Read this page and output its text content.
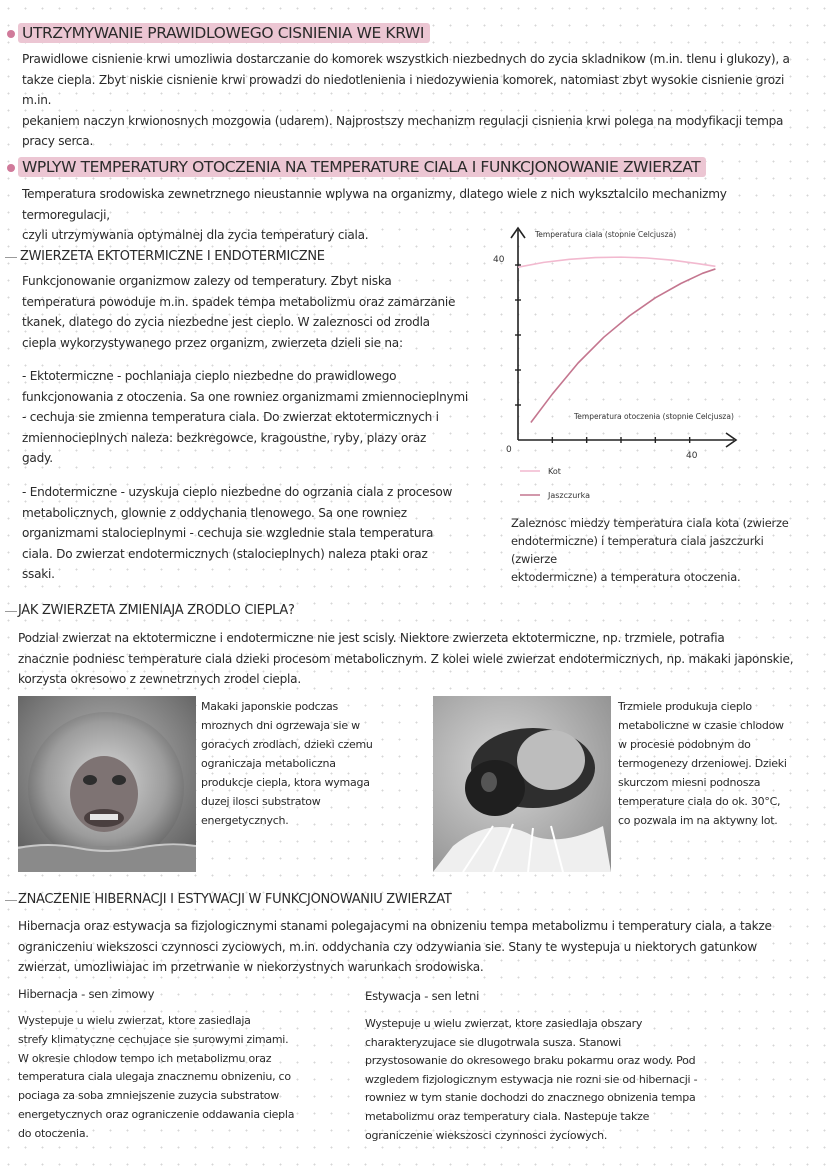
UTRZYMYWANIE PRAWIDLOWEGO CISNIENIA WE KRWI
Prawidlowe cisnienie krwi umozliwia dostarczanie do komorek wszystkich niezbednych do zycia skladnikow (m.in. tlenu i glukozy), a
takze ciepla. Zbyt niskie cisnienie krwi prowadzi do niedotlenienia i niedozywienia komorek, natomiast zbyt wysokie cisnienie grozi m.in.
pekaniem naczyn krwionosnych mozgowia (udarem). Najprostszy mechanizm regulacji cisnienia krwi polega na modyfikacji tempa
pracy serca.
WPLYW TEMPERATURY OTOCZENIA NA TEMPERATURE CIALA I FUNKCJONOWANIE ZWIERZAT
Temperatura srodowiska zewnetrznego nieustannie wplywa na organizmy, dlatego wiele z nich wyksztalcilo mechanizmy termoregulacji,
czyli utrzymywania optymalnej dla zycia temperatury ciala.
ZWIERZETA EKTOTERMICZNE I ENDOTERMICZNE
Funkcjonowanie organizmow zalezy od temperatury. Zbyt niska
temperatura powoduje m.in. spadek tempa metabolizmu oraz zamarzanie
tkanek, dlatego do zycia niezbedne jest cieplo. W zaleznosci od zrodla
ciepla wykorzystywanego przez organizm, zwierzeta dzieli sie na:
- Ektotermiczne - pochlaniaja cieplo niezbedne do prawidlowego
funkcjonowania z otoczenia. Sa one rowniez organizmami zmiennocieplnymi
- cechuja sie zmienna temperatura ciala. Do zwierzat ektotermicznych i
zmiennocieplnych naleza: bezkregowce, kragoustne, ryby, plazy oraz
gady.
- Endotermiczne - uzyskuja cieplo niezbedne do ogrzania ciala z procesow
metabolicznych, glownie z oddychania tlenowego. Sa one rowniez
organizmami stalocieplnymi - cechuja sie wzglednie stala temperatura
ciala. Do zwierzat endotermicznych (stalocieplnych) naleza ptaki oraz
ssaki.
Temperatura ciala (stopnie Celcjusza)
Temperatura otoczenia (stopnie Celcjusza)
0
40
40
Kot
Jaszczurka
Zaleznosc miedzy temperatura ciala kota (zwierze
endotermiczne) i temperatura ciala jaszczurki (zwierze
ektodermiczne) a temperatura otoczenia.
JAK ZWIERZETA ZMIENIAJA ZRODLO CIEPLA?
Podzial zwierzat na ektotermiczne i endotermiczne nie jest scisly. Niektore zwierzeta ektotermiczne, np. trzmiele, potrafia
znacznie podniesc temperature ciala dzieki procesom metabolicznym. Z kolei wiele zwierzat endotermicznych, np. makaki japonskie,
korzysta okresowo z zewnetrznych zrodel ciepla.
Makaki japonskie podczas
mroznych dni ogrzewaja sie w
goracych zrodlach, dzieki czemu
ograniczaja metaboliczna
produkcje ciepla, ktora wymaga
duzej ilosci substratow
energetycznych.
Trzmiele produkuja cieplo
metaboliczne w czasie chlodow
w procesie podobnym do
termogenezy drzeniowej. Dzieki
skurczom miesni podnosza
temperature ciala do ok. 30°C,
co pozwala im na aktywny lot.
ZNACZENIE HIBERNACJI I ESTYWACJI W FUNKCJONOWANIU ZWIERZAT
Hibernacja oraz estywacja sa fizjologicznymi stanami polegajacymi na obnizeniu tempa metabolizmu i temperatury ciala, a takze
ograniczeniu wiekszosci czynnosci zyciowych, m.in. oddychania czy odzywiania sie. Stany te wystepuja u niektorych gatunkow
zwierzat, umozliwiajac im przetrwanie w niekorzystnych warunkach srodowiska.
Hibernacja - sen zimowy
Wystepuje u wielu zwierzat, ktore zasiedlaja
strefy klimatyczne cechujace sie surowymi zimami.
W okresie chlodow tempo ich metabolizmu oraz
temperatura ciala ulegaja znacznemu obnizeniu, co
pociaga za soba zmniejszenie zuzycia substratow
energetycznych oraz ograniczenie oddawania ciepla
do otoczenia.
Estywacja - sen letni
Wystepuje u wielu zwierzat, ktore zasiedlaja obszary
charakteryzujace sie dlugotrwala susza. Stanowi
przystosowanie do okresowego braku pokarmu oraz wody. Pod
wzgledem fizjologicznym estywacja nie rozni sie od hibernacji -
rowniez w tym stanie dochodzi do znacznego obnizenia tempa
metabolizmu oraz temperatury ciala. Nastepuje takze
ograniczenie wiekszosci czynnosci zyciowych.
